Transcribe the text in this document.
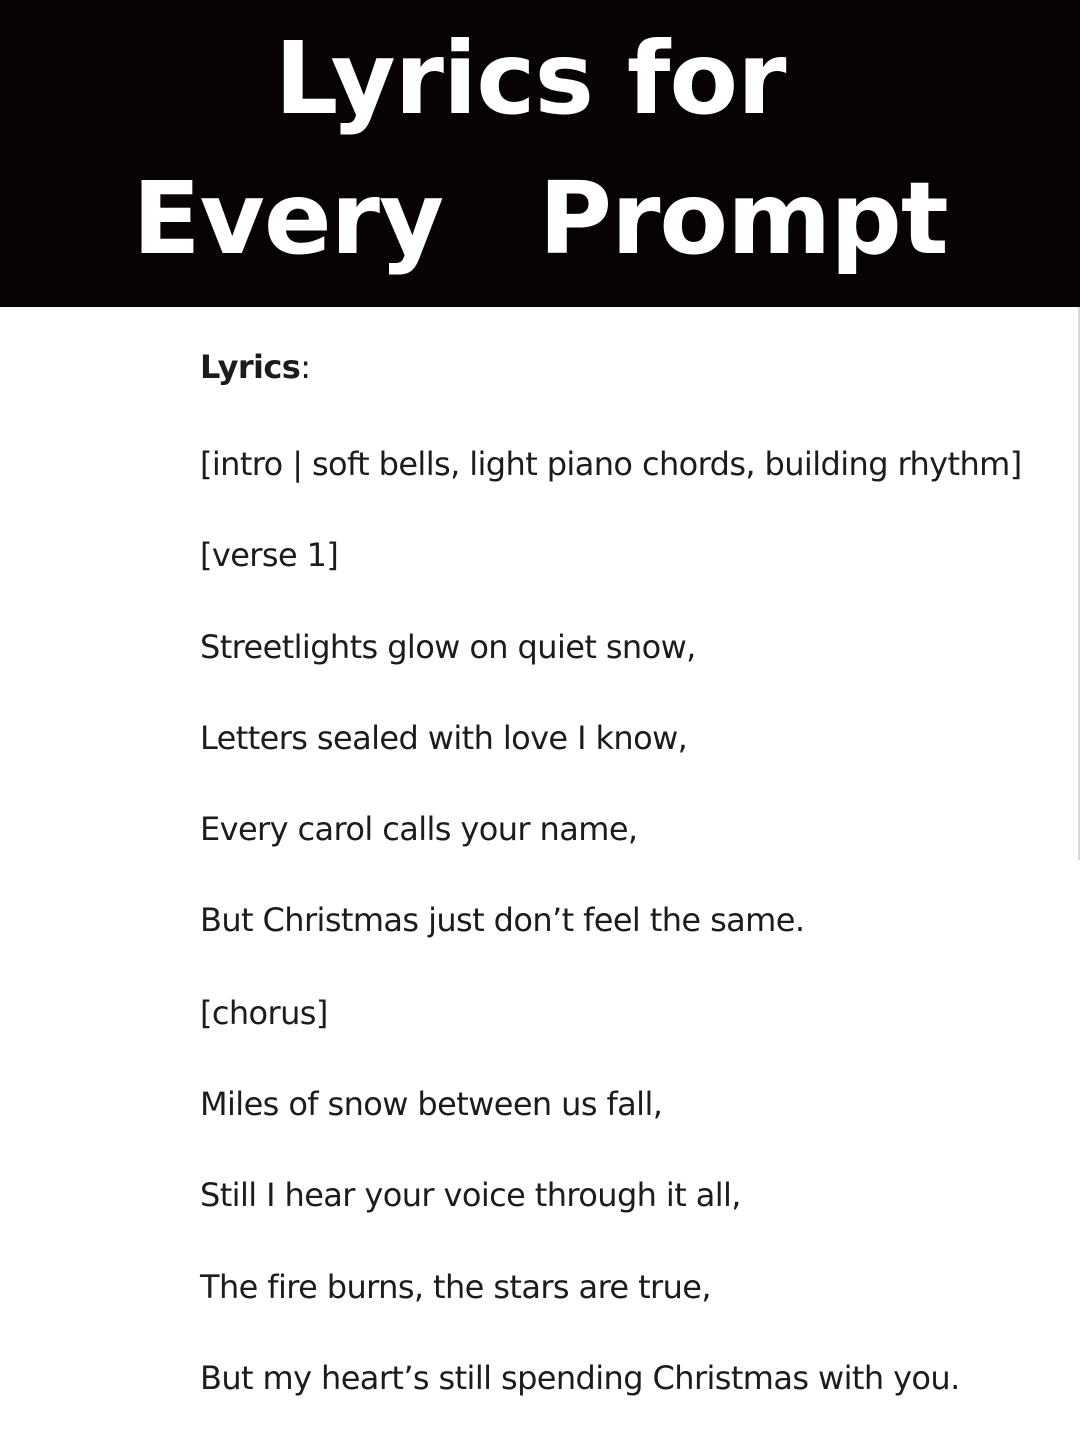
Lyrics for
Every  Prompt

Lyrics:

[intro | soft bells, light piano chords, building rhythm]

[verse 1]

Streetlights glow on quiet snow,

Letters sealed with love I know,

Every carol calls your name,

But Christmas just don’t feel the same.

[chorus]

Miles of snow between us fall,

Still I hear your voice through it all,

The fire burns, the stars are true,

But my heart’s still spending Christmas with you.
